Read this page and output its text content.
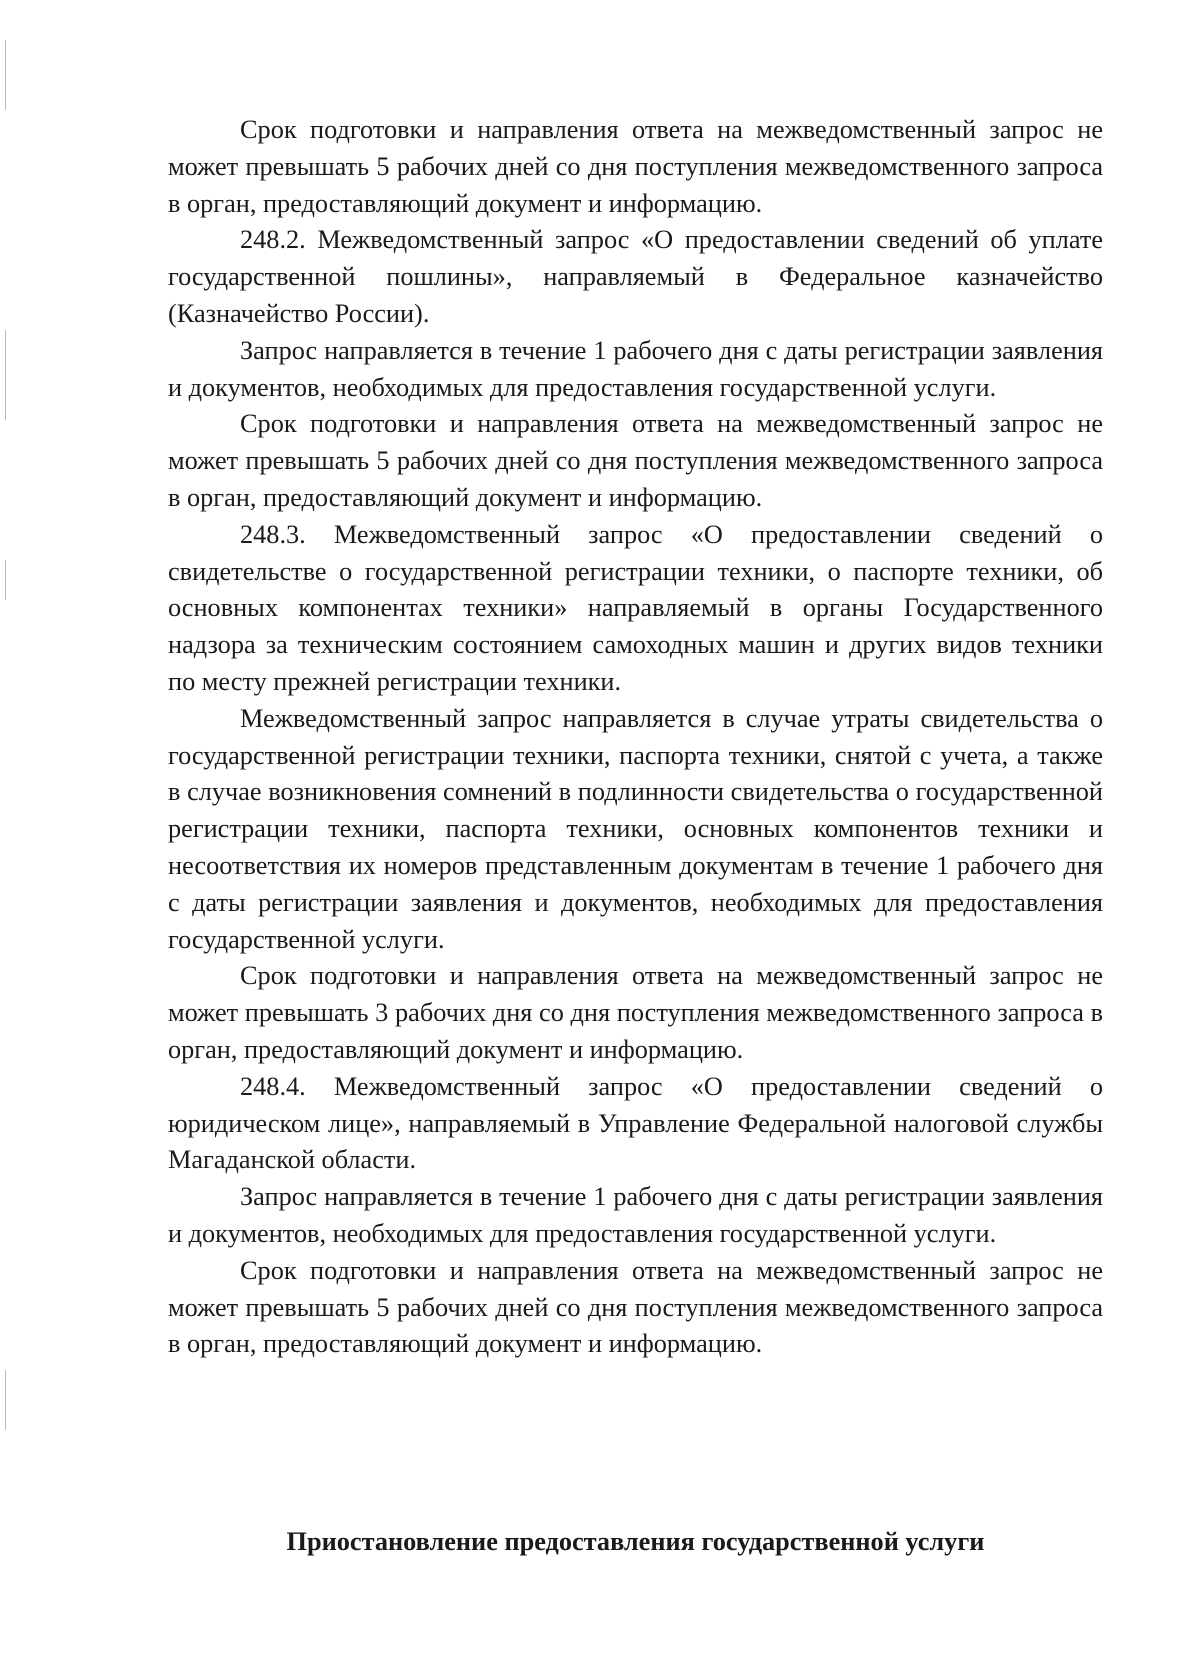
Срок подготовки и направления ответа на межведомственный запрос не может превышать 5 рабочих дней со дня поступления межведомственного запроса в орган, предоставляющий документ и информацию.

248.2. Межведомственный запрос «О предоставлении сведений об уплате государственной пошлины», направляемый в Федеральное казначейство (Казначейство России).

Запрос направляется в течение 1 рабочего дня с даты регистрации заявления и документов, необходимых для предоставления государственной услуги.

Срок подготовки и направления ответа на межведомственный запрос не может превышать 5 рабочих дней со дня поступления межведомственного запроса в орган, предоставляющий документ и информацию.

248.3. Межведомственный запрос «О предоставлении сведений о свидетельстве о государственной регистрации техники, о паспорте техники, об основных компонентах техники» направляемый в органы Государственного надзора за техническим состоянием самоходных машин и других видов техники по месту прежней регистрации техники.

Межведомственный запрос направляется в случае утраты свидетельства о государственной регистрации техники, паспорта техники, снятой с учета, а также в случае возникновения сомнений в подлинности свидетельства о государственной регистрации техники, паспорта техники, основных компонентов техники и несоответствия их номеров представленным документам в течение 1 рабочего дня с даты регистрации заявления и документов, необходимых для предоставления государственной услуги.

Срок подготовки и направления ответа на межведомственный запрос не может превышать 3 рабочих дня со дня поступления межведомственного запроса в орган, предоставляющий документ и информацию.

248.4. Межведомственный запрос «О предоставлении сведений о юридическом лице», направляемый в Управление Федеральной налоговой службы Магаданской области.

Запрос направляется в течение 1 рабочего дня с даты регистрации заявления и документов, необходимых для предоставления государственной услуги.

Срок подготовки и направления ответа на межведомственный запрос не может превышать 5 рабочих дней со дня поступления межведомственного запроса в орган, предоставляющий документ и информацию.

Приостановление предоставления государственной услуги
